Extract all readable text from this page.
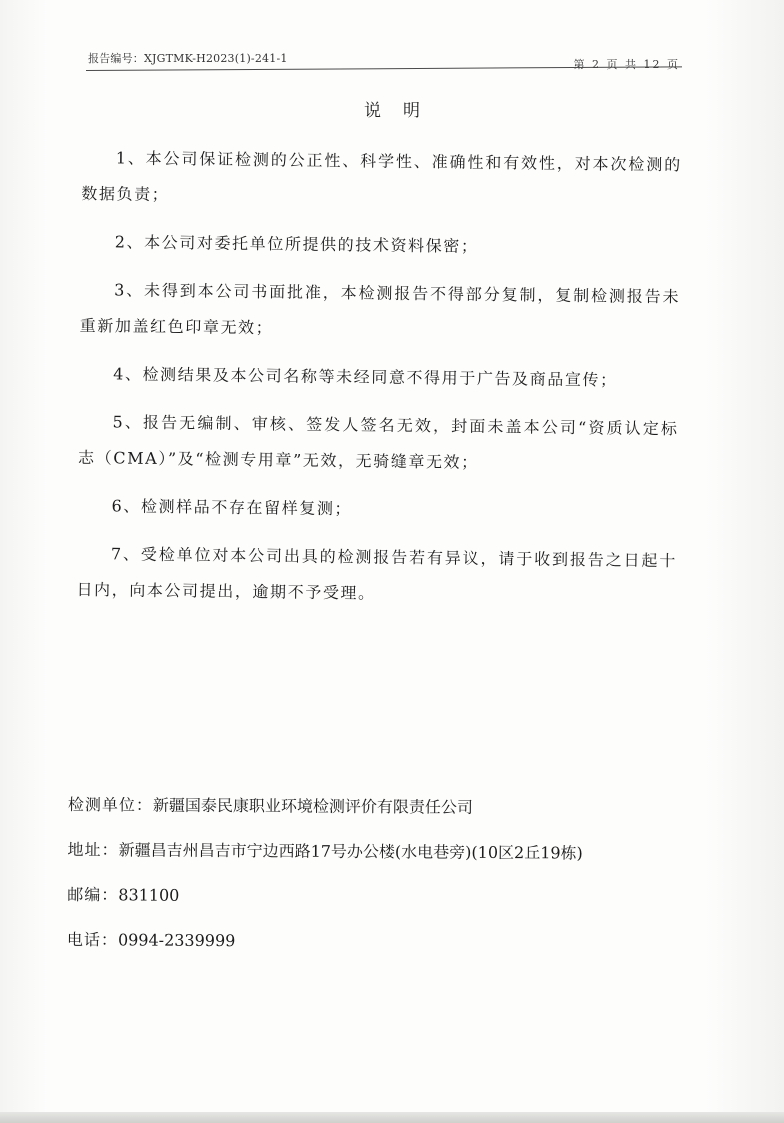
报告编号：XJGTMK-H2023(1)-241-1	第 2 页 共 12 页
说明

1、本公司保证检测的公正性、科学性、准确性和有效性，对本次检测的数据负责；

2、本公司对委托单位所提供的技术资料保密；

3、未得到本公司书面批准，本检测报告不得部分复制，复制检测报告未重新加盖红色印章无效；

4、检测结果及本公司名称等未经同意不得用于广告及商品宣传；

5、报告无编制、审核、签发人签名无效，封面未盖本公司“资质认定标志（CMA）”及“检测专用章”无效，无骑缝章无效；

6、检测样品不存在留样复测；

7、受检单位对本公司出具的检测报告若有异议，请于收到报告之日起十日内，向本公司提出，逾期不予受理。

检测单位：新疆国泰民康职业环境检测评价有限责任公司
地址：新疆昌吉州昌吉市宁边西路17号办公楼(水电巷旁)(10区2丘19栋)
邮编：831100
电话：0994-2339999
